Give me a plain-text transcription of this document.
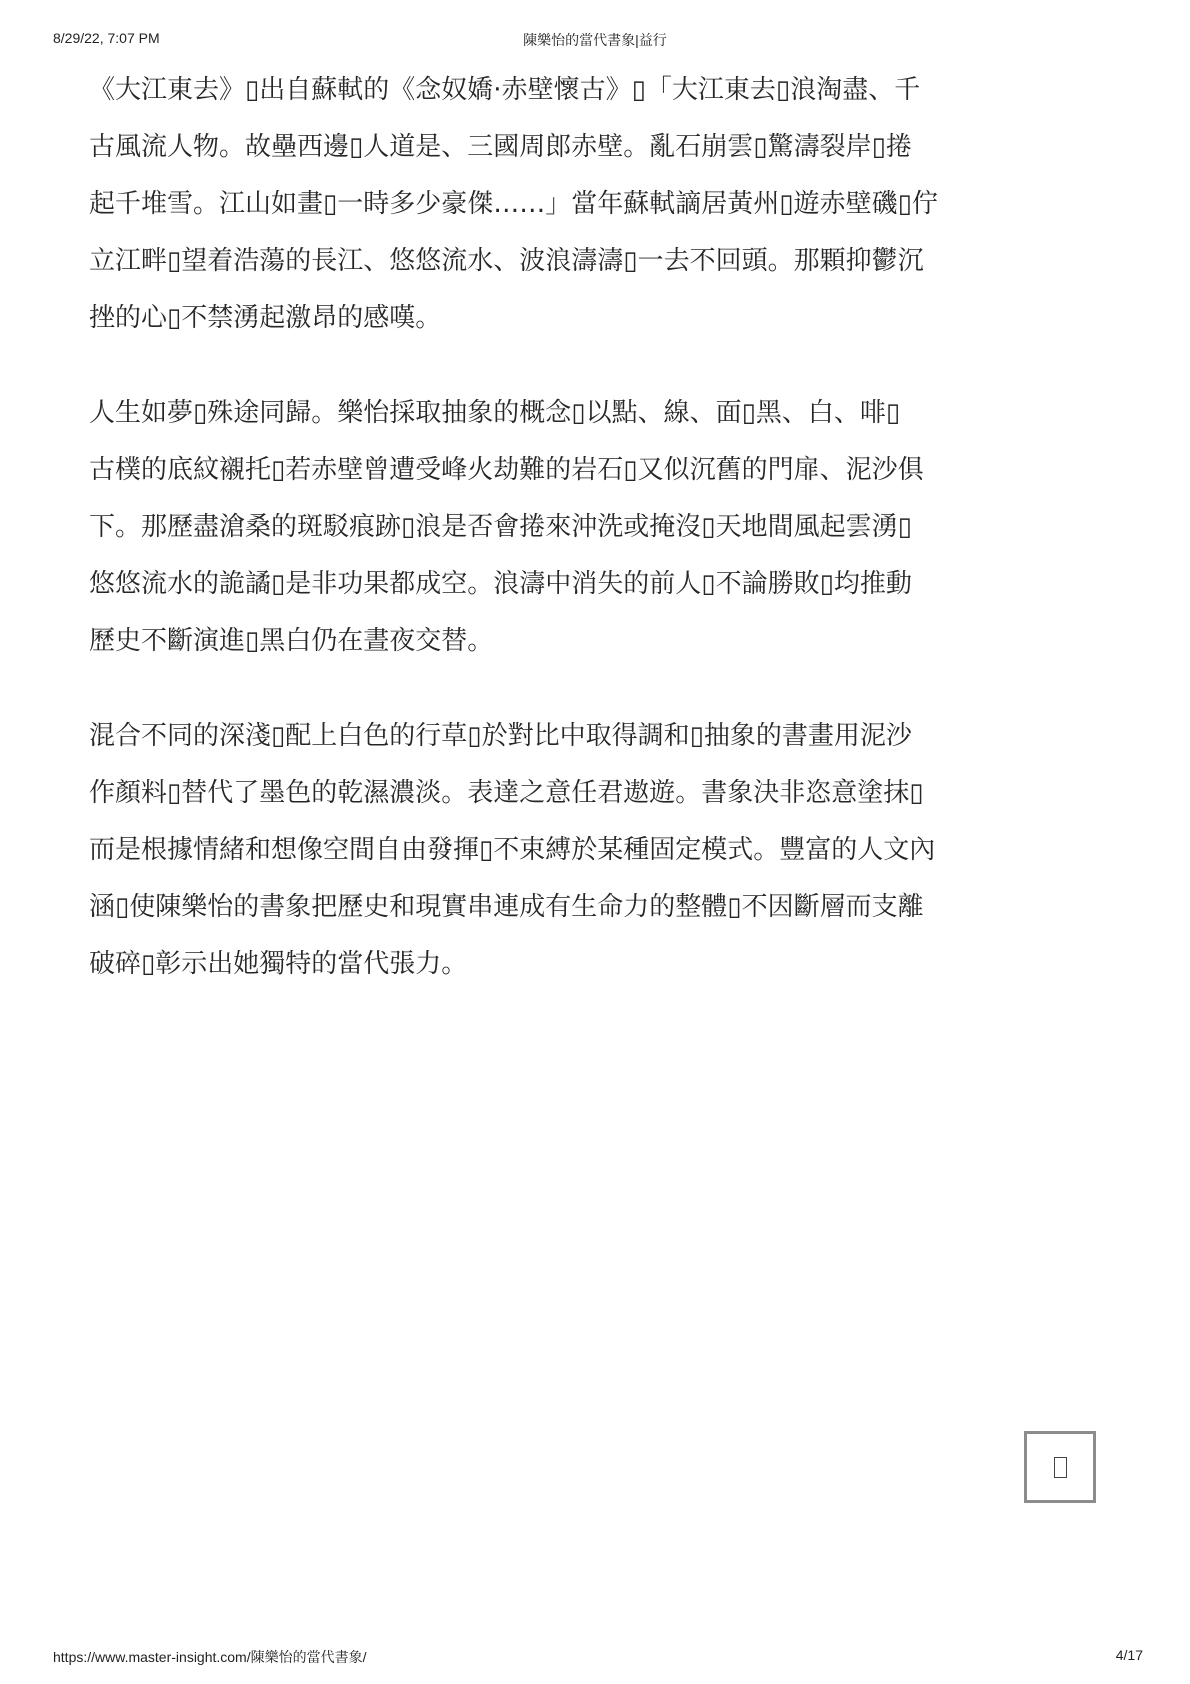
陳樂怡的當代書象|益行
8/29/22, 7:07 PM
《大江東去》▯出自蘇軾的《念奴嬌·赤壁懷古》▯「大江東去▯浪淘盡、千
古風流人物。故壘西邊▯人道是、三國周郎赤壁。亂石崩雲▯驚濤裂岸▯捲
起千堆雪。江山如畫▯一時多少豪傑……」當年蘇軾謫居黃州▯遊赤壁磯▯佇
立江畔▯望着浩蕩的長江、悠悠流水、波浪濤濤▯一去不回頭。那顆抑鬱沉
挫的心▯不禁湧起激昂的感嘆。
人生如夢▯殊途同歸。樂怡採取抽象的概念▯以點、線、面▯黑、白、啡▯
古樸的底紋襯托▯若赤壁曾遭受峰火劫難的岩石▯又似沉舊的門扉、泥沙俱
下。那歷盡滄桑的斑駁痕跡▯浪是否會捲來沖洗或掩沒▯天地間風起雲湧▯
悠悠流水的詭譎▯是非功果都成空。浪濤中消失的前人▯不論勝敗▯均推動
歷史不斷演進▯黑白仍在晝夜交替。
混合不同的深淺▯配上白色的行草▯於對比中取得調和▯抽象的書畫用泥沙
作顏料▯替代了墨色的乾濕濃淡。表達之意任君遨遊。書象決非恣意塗抹▯
而是根據情緒和想像空間自由發揮▯不束縛於某種固定模式。豐富的人文內
涵▯使陳樂怡的書象把歷史和現實串連成有生命力的整體▯不因斷層而支離
破碎▯彰示出她獨特的當代張力。
https://www.master-insight.com/陳樂怡的當代書象/	4/17
